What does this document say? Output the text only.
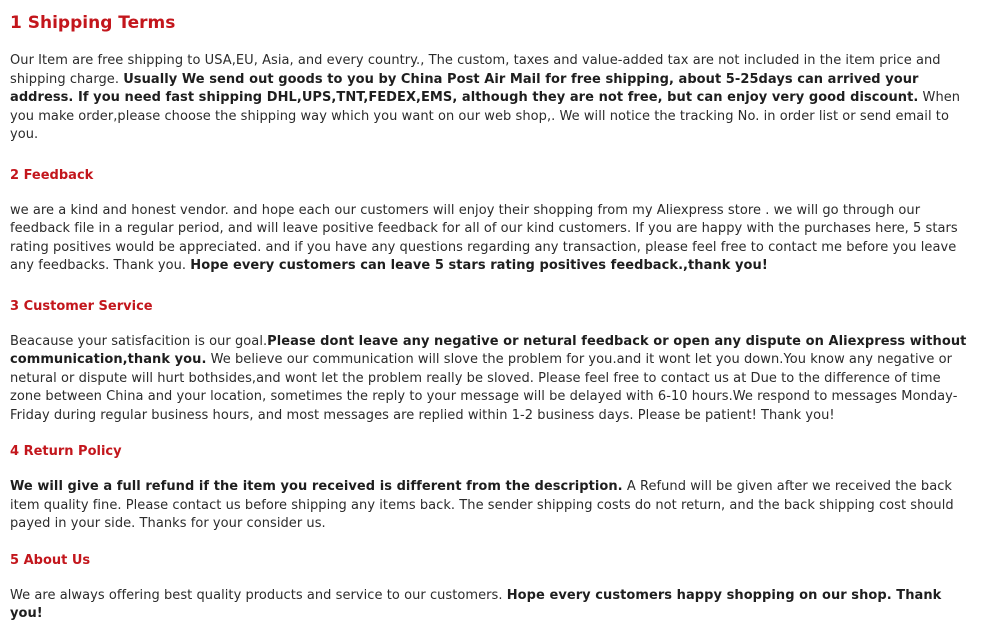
1 Shipping Terms

Our Item are free shipping to USA,EU, Asia, and every country., The custom, taxes and value-added tax are not included in the item price and shipping charge. Usually We send out goods to you by China Post Air Mail for free shipping, about 5-25days can arrived your address. If you need fast shipping DHL,UPS,TNT,FEDEX,EMS, although they are not free, but can enjoy very good discount. When you make order,please choose the shipping way which you want on our web shop,. We will notice the tracking No. in order list or send email to you.

2 Feedback

we are a kind and honest vendor. and hope each our customers will enjoy their shopping from my Aliexpress store . we will go through our feedback file in a regular period, and will leave positive feedback for all of our kind customers. If you are happy with the purchases here, 5 stars rating positives would be appreciated. and if you have any questions regarding any transaction, please feel free to contact me before you leave any feedbacks. Thank you. Hope every customers can leave 5 stars rating positives feedback.,thank you!

3 Customer Service

Beacause your satisfacition is our goal.Please dont leave any negative or netural feedback or open any dispute on Aliexpress without communication,thank you. We believe our communication will slove the problem for you.and it wont let you down.You know any negative or netural or dispute will hurt bothsides,and wont let the problem really be sloved. Please feel free to contact us at Due to the difference of time zone between China and your location, sometimes the reply to your message will be delayed with 6-10 hours.We respond to messages Monday-Friday during regular business hours, and most messages are replied within 1-2 business days. Please be patient! Thank you!

4 Return Policy

We will give a full refund if the item you received is different from the description. A Refund will be given after we received the back item quality fine. Please contact us before shipping any items back. The sender shipping costs do not return, and the back shipping cost should payed in your side. Thanks for your consider us.

5 About Us

We are always offering best quality products and service to our customers. Hope every customers happy shopping on our shop. Thank you!
